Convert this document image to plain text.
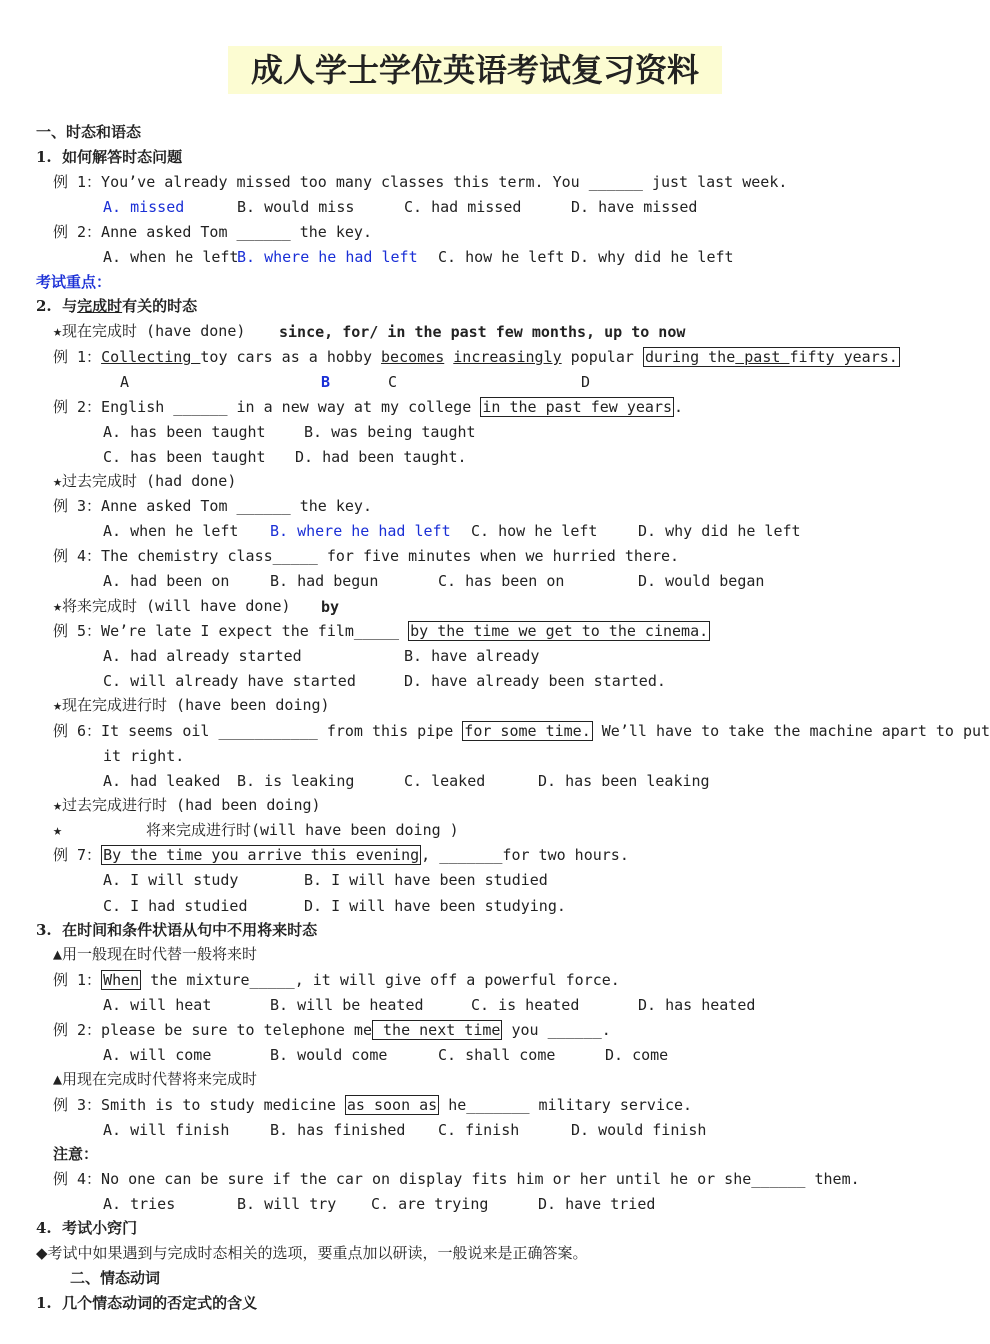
成人学士学位英语考试复习资料
一、时态和语态
1.  如何解答时态问题
例 1：You’ve already missed too many classes this term. You ______ just last week.
A. missed	B. would miss	C. had missed	D. have missed
例 2：Anne asked Tom ______ the key.
A. when he left
B. where he had left C. how he left D. why did he left
考试重点：
2.  与完成时有关的时态
★现在完成时 (have done) since, for/ in the past few months, up to now
例 1：Collecting toy cars as a hobby becomes increasingly popular during the past fifty years.
A	B	C	D
例 2：English ______ in a new way at my college in the past few years .
A. has been taught	B. was being taught
C. has been taught D. had been taught.
★过去完成时 (had done)
例 3：Anne asked Tom ______ the key.
A. when he left B. where he had left C. how he left	D. why did he left
例 4：The chemistry class_____ for five minutes when we hurried there.
A. had been on	B. had begun	C. has been on	D. would began
★将来完成时 (will have done) by
例 5：We’re late I expect the film_____ by the time we get to the cinema.
A. had already started	B. have already
C. will already have started	D. have already been started.
★现在完成进行时 (have been doing)
例 6：It seems oil ___________ from this pipe for some time. We’ll have to take the machine apart to put
it right.
A. had leaked B. is leaking	C. leaked	D. has been leaking
★过去完成进行时 (had been doing)
★	将来完成进行时(will have been doing )
例 7： By the time you arrive this evening , _______for two hours.
A. I will study	B. I will have been studied
C. I had studied	D. I will have been studying.
3.  在时间和条件状语从句中不用将来时态
▲用一般现在时代替一般将来时
例 1： When the mixture_____, it will give off a powerful force.
A. will heat	B. will be heated	C. is heated	D. has heated
例 2：please be sure to telephone me the next time you ______.
A. will come	B. would come	C. shall come	D. come
▲用现在完成时代替将来完成时
例 3：Smith is to study medicine as soon as he_______ military service.
A. will finish	B. has finished C. finish	D. would finish
注意：
例 4：No one can be sure if the car on display fits him or her until he or she______ them.
A. tries	B. will try C. are trying	D. have tried
4.  考试小窍门
◆考试中如果遇到与完成时态相关的选项，要重点加以研读，一般说来是正确答案。
二、情态动词
1.  几个情态动词的否定式的含义
